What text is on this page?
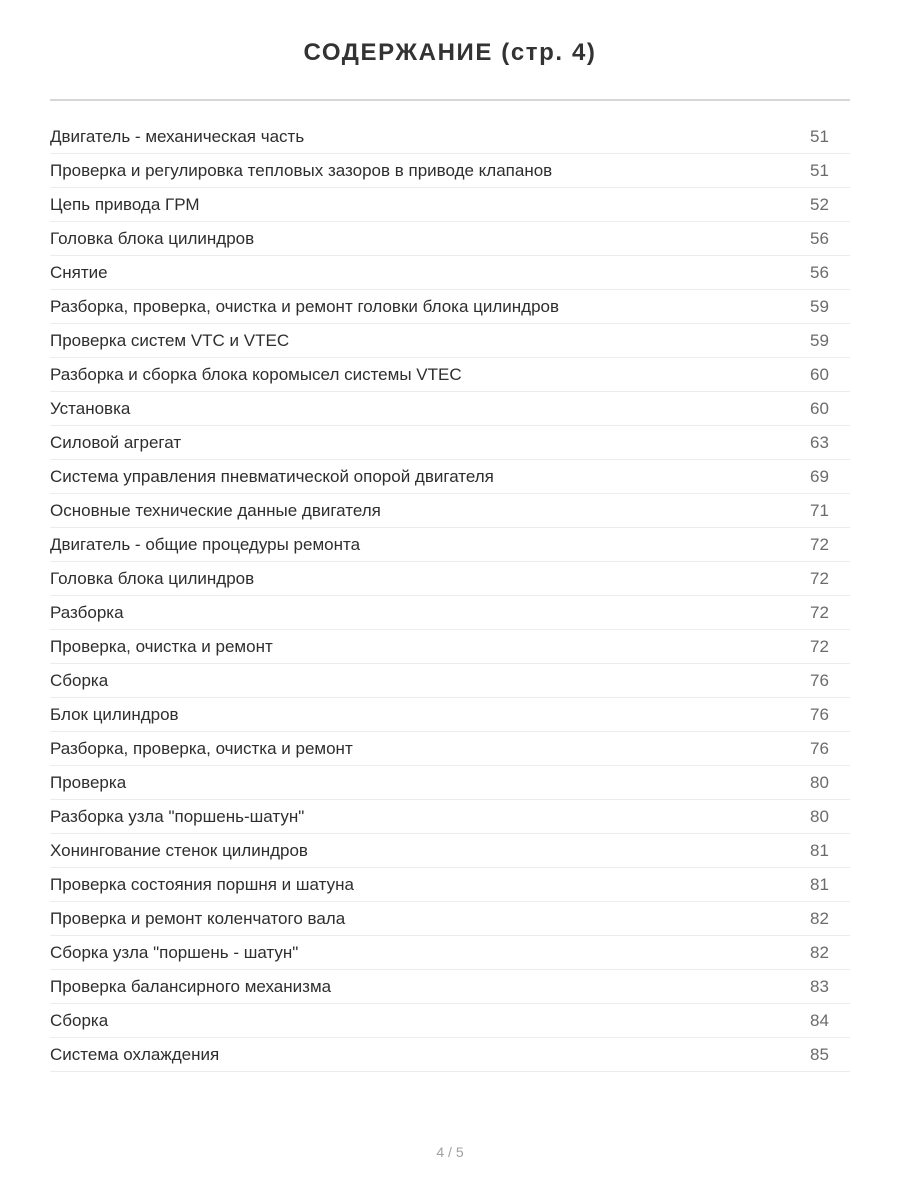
СОДЕРЖАНИЕ (стр. 4)
Двигатель - механическая часть	51
Проверка и регулировка тепловых зазоров в приводе клапанов	51
Цепь привода ГРМ	52
Головка блока цилиндров	56
Снятие	56
Разборка, проверка, очистка и ремонт головки блока цилиндров	59
Проверка систем VTC и VTEC	59
Разборка и сборка блока коромысел системы VTEC	60
Установка	60
Силовой агрегат	63
Система управления пневматической опорой двигателя	69
Основные технические данные двигателя	71
Двигатель - общие процедуры ремонта	72
Головка блока цилиндров	72
Разборка	72
Проверка, очистка и ремонт	72
Сборка	76
Блок цилиндров	76
Разборка, проверка, очистка и ремонт	76
Проверка	80
Разборка узла "поршень-шатун"	80
Хонингование стенок цилиндров	81
Проверка состояния поршня и шатуна	81
Проверка и ремонт коленчатого вала	82
Сборка узла "поршень - шатун"	82
Проверка балансирного механизма	83
Сборка	84
Система охлаждения	85
4 / 5
